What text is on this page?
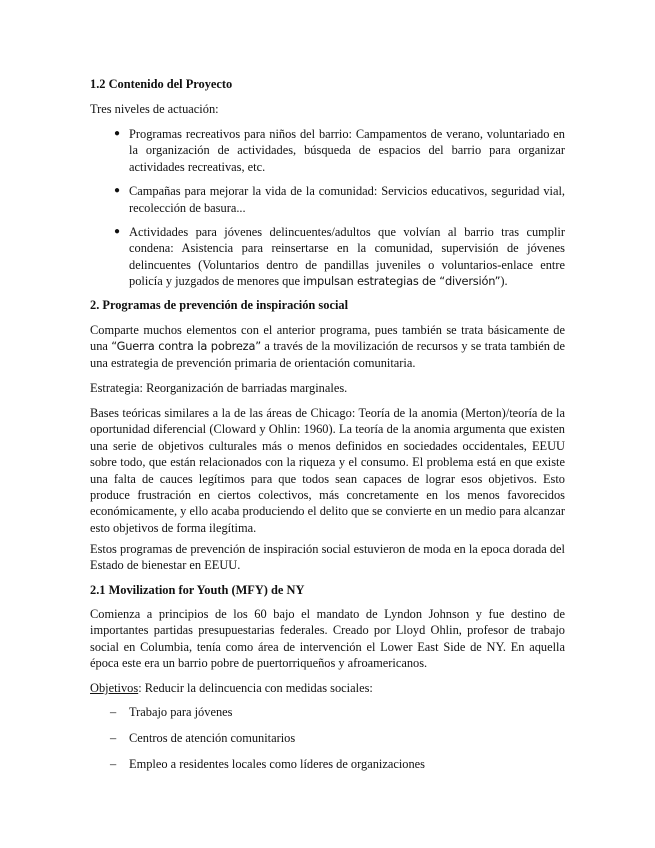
1.2 Contenido del Proyecto

Tres niveles de actuación:

● Programas recreativos para niños del barrio: Campamentos de verano, voluntariado en la organización de actividades, búsqueda de espacios del barrio para organizar actividades recreativas, etc.
● Campañas para mejorar la vida de la comunidad: Servicios educativos, seguridad vial, recolección de basura...
● Actividades para jóvenes delincuentes/adultos que volvían al barrio tras cumplir condena: Asistencia para reinsertarse en la comunidad, supervisión de jóvenes delincuentes (Voluntarios dentro de pandillas juveniles o voluntarios-enlace entre policía y juzgados de menores que impulsan estrategias de “diversión”).
2. Programas de prevención de inspiración social

Comparte muchos elementos con el anterior programa, pues también se trata básicamente de una “Guerra contra la pobreza” a través de la movilización de recursos y se trata también de una estrategia de prevención primaria de orientación comunitaria.

Estrategia: Reorganización de barriadas marginales.

Bases teóricas similares a la de las áreas de Chicago: Teoría de la anomia (Merton)/teoría de la oportunidad diferencial (Cloward y Ohlin: 1960). La teoría de la anomia argumenta que existen una serie de objetivos culturales más o menos definidos en sociedades occidentales, EEUU sobre todo, que están relacionados con la riqueza y el consumo. El problema está en que existe una falta de cauces legítimos para que todos sean capaces de lograr esos objetivos. Esto produce frustración en ciertos colectivos, más concretamente en los menos favorecidos económicamente, y ello acaba produciendo el delito que se convierte en un medio para alcanzar esto objetivos de forma ilegítima.

Estos programas de prevención de inspiración social estuvieron de moda en la epoca dorada del Estado de bienestar en EEUU.

2.1 Movilization for Youth (MFY) de NY

Comienza a principios de los 60 bajo el mandato de Lyndon Johnson y fue destino de importantes partidas presupuestarias federales. Creado por Lloyd Ohlin, profesor de trabajo social en Columbia, tenía como área de intervención el Lower East Side de NY. En aquella época este era un barrio pobre de puertorriqueños y afroamericanos.

Objetivos: Reducir la delincuencia con medidas sociales:

– Trabajo para jóvenes
– Centros de atención comunitarios
– Empleo a residentes locales como líderes de organizaciones
